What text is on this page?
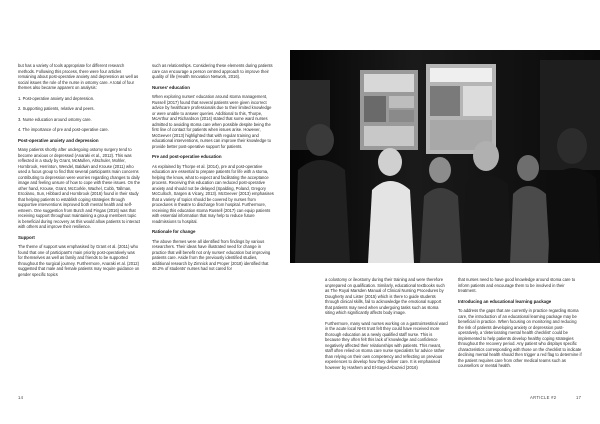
but has a variety of tools appropriate for different research methods. Following this process, there were four articles remaining about post-operative anxiety and depression as well as social issues the role of the nurse in ostomy care. A total of four themes also became apparent on analysis:

1. Post-operative anxiety and depression.
2. Supporting patients, relative and peers.
3. Nurse education around ostomy care.
4. The importance of pre and post-operative care.
Post-operative anxiety and depression

Many patients shortly after undergoing ostomy surgery tend to become anxious or depressed (Anaraki et al., 2012). This was reflected in a study by Grant, McMullen, Altschuler, Mohler, Hornbrook, Herrinton, Wendel, Baldwin and Krouse (2011) who used a focus group to find that several participants main concerns contributing to depression were worries regarding changes to daily image and feeling unsure of how to cope with these issues. On the other hand, Krouse, Grant, McCorkle, Wachel, Cobb, Tallman, Ercolano, Sun, Hibbard and Hornbrook (2016) found in their study that helping patients to establish coping strategies through supportive interventions improved both mental health and self-esteem. One suggestion from Burch and Fingas (2016) was that receiving support throughout maintaining a group members topic is beneficial during recovery as this would allow patients to interact with others and improve their resilience.

Support

The theme of support was emphasised by Grant et al. (2011) who found that one of participant's main priority post-operatively was for themselves as well as family and friends to be supported throughout the surgical journey. Furthermore, Anaraki et al. (2012) suggested that male and female patients may require guidance on gender specific topics

such as relationships. Considering these elements during patients care can encourage a person centred approach to improve their quality of life (Health Innovation Network, 2016).

Nurses' education

When exploring nurses' education around stoma management, Russell (2017) found that several patients were given incorrect advice by healthcare professionals due to their limited knowledge or were unable to answer queries. Additional to this, Thorpe, McArthur and Richardson (2014) stated that some ward nurses admitted to avoiding stoma care when possible despite being the first line of contact for patients when issues arise. However, McGeever (2013) highlighted that with regular training and educational interventions, nurses can improve their knowledge to provide better post-operative support for patients.

Pre and post-operative education

As explained by Thorpe et al. (2014), pre and post-operative education are essential to prepare patients for life with a stoma, helping the know, what to expect and facilitating the acceptance process. Receiving this education can reduced post-operative anxiety and should not be delayed (Spalding, Poland, Gregory McCulloch, Sargen & Vicary, 2013). McGeever (2013) emphasises that a variety of topics should be covered by nurses from procedures in theatre to discharge from hospital. Furthermore, receiving this education stoma Russell (2017) can equip patients with essential information that may help to reduce future readmissions to hospital.

Rationale for change

The above themes were all identified from findings by various researchers. Their ideas have illustrated need for change in practice that will benefit not only nurses' education but improving patients care. Aside from the previously identified studies, additional research by Zimnick and Proper (2018) identified that 46.2% of students' nurses had not cared for

a colostomy or ileostomy during their training and were therefore unprepared on qualification. Similarly, educational textbooks such as The Royal Marsden Manual of Clinical Nursing Procedures by Dougherty and Lister (2015) which is there to guide students through clinical skills, fail to acknowledge the emotional support that patients may need when undergoing tasks such as stoma siting which significantly affects body image.

Furthermore, many ward nurses working on a gastrointestinal ward in the acute local NHS trust felt they could have received more thorough education as a newly qualified staff nurse. This is because they often felt this lack of knowledge and confidence negatively affected their relationships with patients. This meant, staff often relied on stoma care nurse specialists for advice rather than relying on their own competency and reflecting on previous experiences to develop how they deliver care. It is emphasised however by Hashem and El-Sayed Abuzeid (2016)

that nurses need to have good knowledge around stoma care to inform patients and encourage them to be involved in their treatment.

Introducing an educational learning package

To address the gaps that are currently in practice regarding stoma care, the introduction of an educational learning package may be beneficial in practice. When focusing on monitoring and reducing the risk of patients developing anxiety or depression post-operatively, a 'deteriorating mental health checklist' could be implemented to help patients develop healthy coping strategies throughout the recovery period. Any patient who displays specific characteristics corresponding with those on the checklist to indicate declining mental health should then trigger a red flag to determine if the patient requires care from other medical teams such as counsellors or mental health.

14	ARTICLE #2	17
